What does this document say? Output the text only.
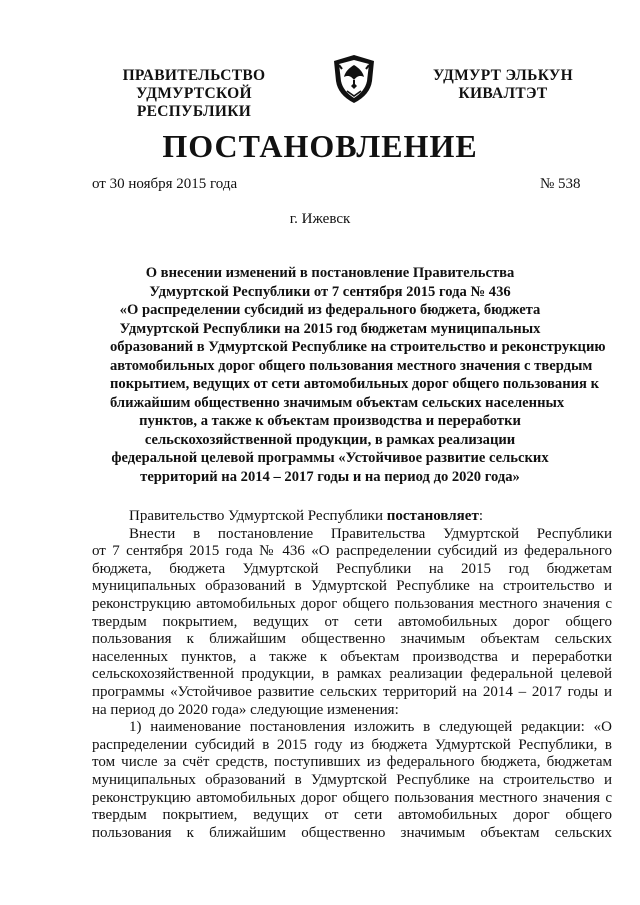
ПРАВИТЕЛЬСТВО
УДМУРТСКОЙ РЕСПУБЛИКИ
УДМУРТ ЭЛЬКУН
КИВАЛТЭТ
ПОСТАНОВЛЕНИЕ
от 30 ноября 2015 года	№ 538
г. Ижевск
О внесении изменений в постановление Правительства
Удмуртской Республики от 7 сентября 2015 года № 436
«О распределении субсидий из федерального бюджета, бюджета
Удмуртской Республики на 2015 год бюджетам муниципальных
образований в Удмуртской Республике на строительство и реконструкцию
автомобильных дорог общего пользования местного значения с твердым
покрытием, ведущих от сети автомобильных дорог общего пользования к
ближайшим общественно значимым объектам сельских населенных
пунктов, а также к объектам производства и переработки
сельскохозяйственной продукции, в рамках реализации
федеральной целевой программы «Устойчивое развитие сельских
территорий на 2014 – 2017 годы и на период до 2020 года»
Правительство Удмуртской Республики постановляет:
Внести в постановление Правительства Удмуртской Республики
от 7 сентября 2015 года № 436 «О распределении субсидий из федерального
бюджета, бюджета Удмуртской Республики на 2015 год бюджетам
муниципальных образований в Удмуртской Республике на строительство и
реконструкцию автомобильных дорог общего пользования местного значения с
твердым покрытием, ведущих от сети автомобильных дорог общего
пользования к ближайшим общественно значимым объектам сельских
населенных пунктов, а также к объектам производства и переработки
сельскохозяйственной продукции, в рамках реализации федеральной целевой
программы «Устойчивое развитие сельских территорий на 2014 – 2017 годы и
на период до 2020 года» следующие изменения:
1) наименование постановления изложить в следующей редакции: «О
распределении субсидий в 2015 году из бюджета Удмуртской Республики, в
том числе за счёт средств, поступивших из федерального бюджета, бюджетам
муниципальных образований в Удмуртской Республике на строительство и
реконструкцию автомобильных дорог общего пользования местного значения с
твердым покрытием, ведущих от сети автомобильных дорог общего
пользования к ближайшим общественно значимым объектам сельских
